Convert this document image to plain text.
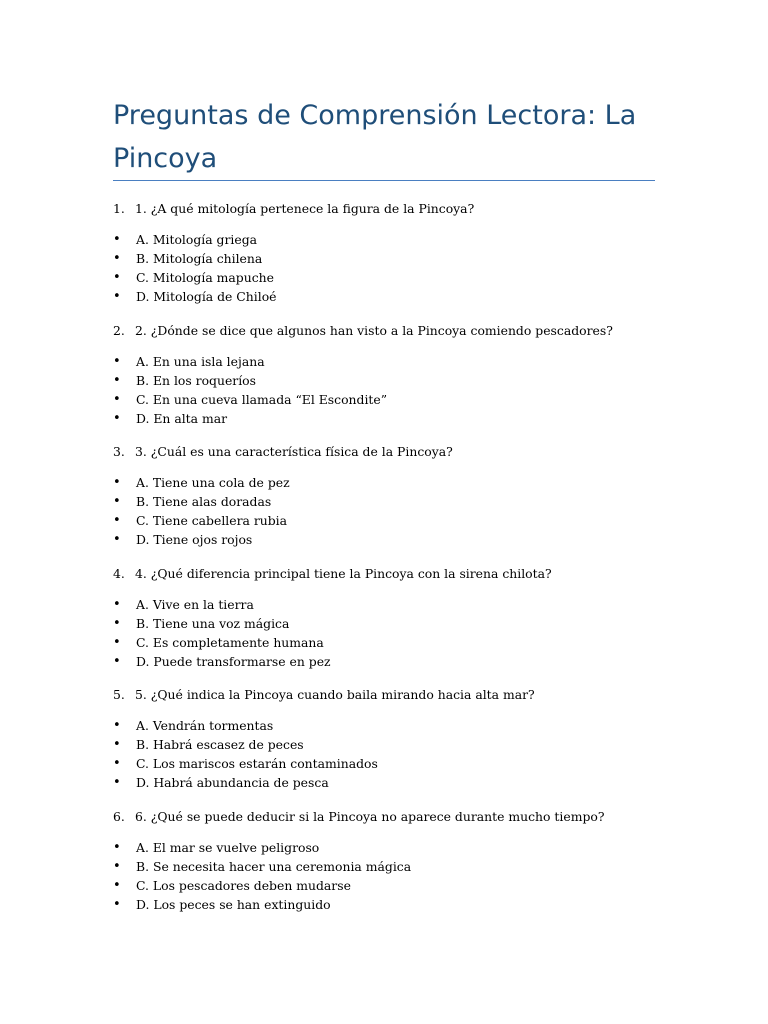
Preguntas de Comprensión Lectora: La Pincoya
1. 1. ¿A qué mitología pertenece la figura de la Pincoya?
• A. Mitología griega
• B. Mitología chilena
• C. Mitología mapuche
• D. Mitología de Chiloé
2. 2. ¿Dónde se dice que algunos han visto a la Pincoya comiendo pescadores?
• A. En una isla lejana
• B. En los roqueríos
• C. En una cueva llamada “El Escondite”
• D. En alta mar
3. 3. ¿Cuál es una característica física de la Pincoya?
• A. Tiene una cola de pez
• B. Tiene alas doradas
• C. Tiene cabellera rubia
• D. Tiene ojos rojos
4. 4. ¿Qué diferencia principal tiene la Pincoya con la sirena chilota?
• A. Vive en la tierra
• B. Tiene una voz mágica
• C. Es completamente humana
• D. Puede transformarse en pez
5. 5. ¿Qué indica la Pincoya cuando baila mirando hacia alta mar?
• A. Vendrán tormentas
• B. Habrá escasez de peces
• C. Los mariscos estarán contaminados
• D. Habrá abundancia de pesca
6. 6. ¿Qué se puede deducir si la Pincoya no aparece durante mucho tiempo?
• A. El mar se vuelve peligroso
• B. Se necesita hacer una ceremonia mágica
• C. Los pescadores deben mudarse
• D. Los peces se han extinguido
